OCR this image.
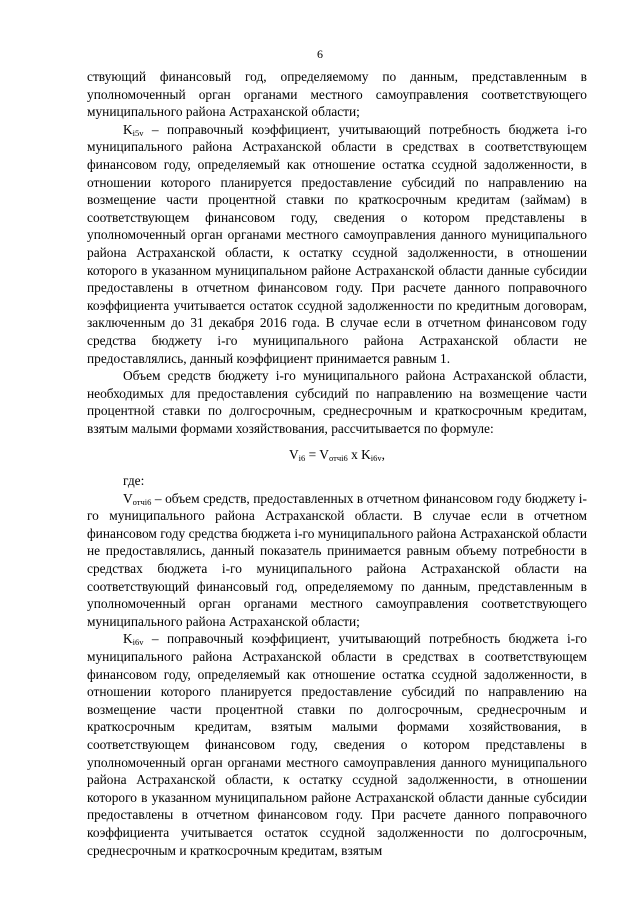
6

ствующий финансовый год, определяемому по данным, представленным в уполномоченный орган органами местного самоуправления соответствующего муниципального района Астраханской области;

$K_{i5v}$ – поправочный коэффициент, учитывающий потребность бюджета i-го муниципального района Астраханской области в средствах в соответствующем финансовом году, определяемый как отношение остатка ссудной задолженности, в отношении которого планируется предоставление субсидий по направлению на возмещение части процентной ставки по краткосрочным кредитам (займам) в соответствующем финансовом году, сведения о котором представлены в уполномоченный орган органами местного самоуправления данного муниципального района Астраханской области, к остатку ссудной задолженности, в отношении которого в указанном муниципальном районе Астраханской области данные субсидии предоставлены в отчетном финансовом году. При расчете данного поправочного коэффициента учитывается остаток ссудной задолженности по кредитным договорам, заключенным до 31 декабря 2016 года. В случае если в отчетном финансовом году средства бюджету i-го муниципального района Астраханской области не предоставлялись, данный коэффициент принимается равным 1.

Объем средств бюджету i-го муниципального района Астраханской области, необходимых для предоставления субсидий по направлению на возмещение части процентной ставки по долгосрочным, среднесрочным и краткосрочным кредитам, взятым малыми формами хозяйствования, рассчитывается по формуле:

$V_{i6} = V_{отчi6}$ x $K_{i6v}$,

где:

$V_{отчi6}$ – объем средств, предоставленных в отчетном финансовом году бюджету i-го муниципального района Астраханской области. В случае если в отчетном финансовом году средства бюджета i-го муниципального района Астраханской области не предоставлялись, данный показатель принимается равным объему потребности в средствах бюджета i-го муниципального района Астраханской области на соответствующий финансовый год, определяемому по данным, представленным в уполномоченный орган органами местного самоуправления соответствующего муниципального района Астраханской области;

$K_{i6v}$ – поправочный коэффициент, учитывающий потребность бюджета i-го муниципального района Астраханской области в средствах в соответствующем финансовом году, определяемый как отношение остатка ссудной задолженности, в отношении которого планируется предоставление субсидий по направлению на возмещение части процентной ставки по долгосрочным, среднесрочным и краткосрочным кредитам, взятым малыми формами хозяйствования, в соответствующем финансовом году, сведения о котором представлены в уполномоченный орган органами местного самоуправления данного муниципального района Астраханской области, к остатку ссудной задолженности, в отношении которого в указанном муниципальном районе Астраханской области данные субсидии предоставлены в отчетном финансовом году. При расчете данного поправочного коэффициента учитывается остаток ссудной задолженности по долгосрочным, среднесрочным и краткосрочным кредитам, взятым
